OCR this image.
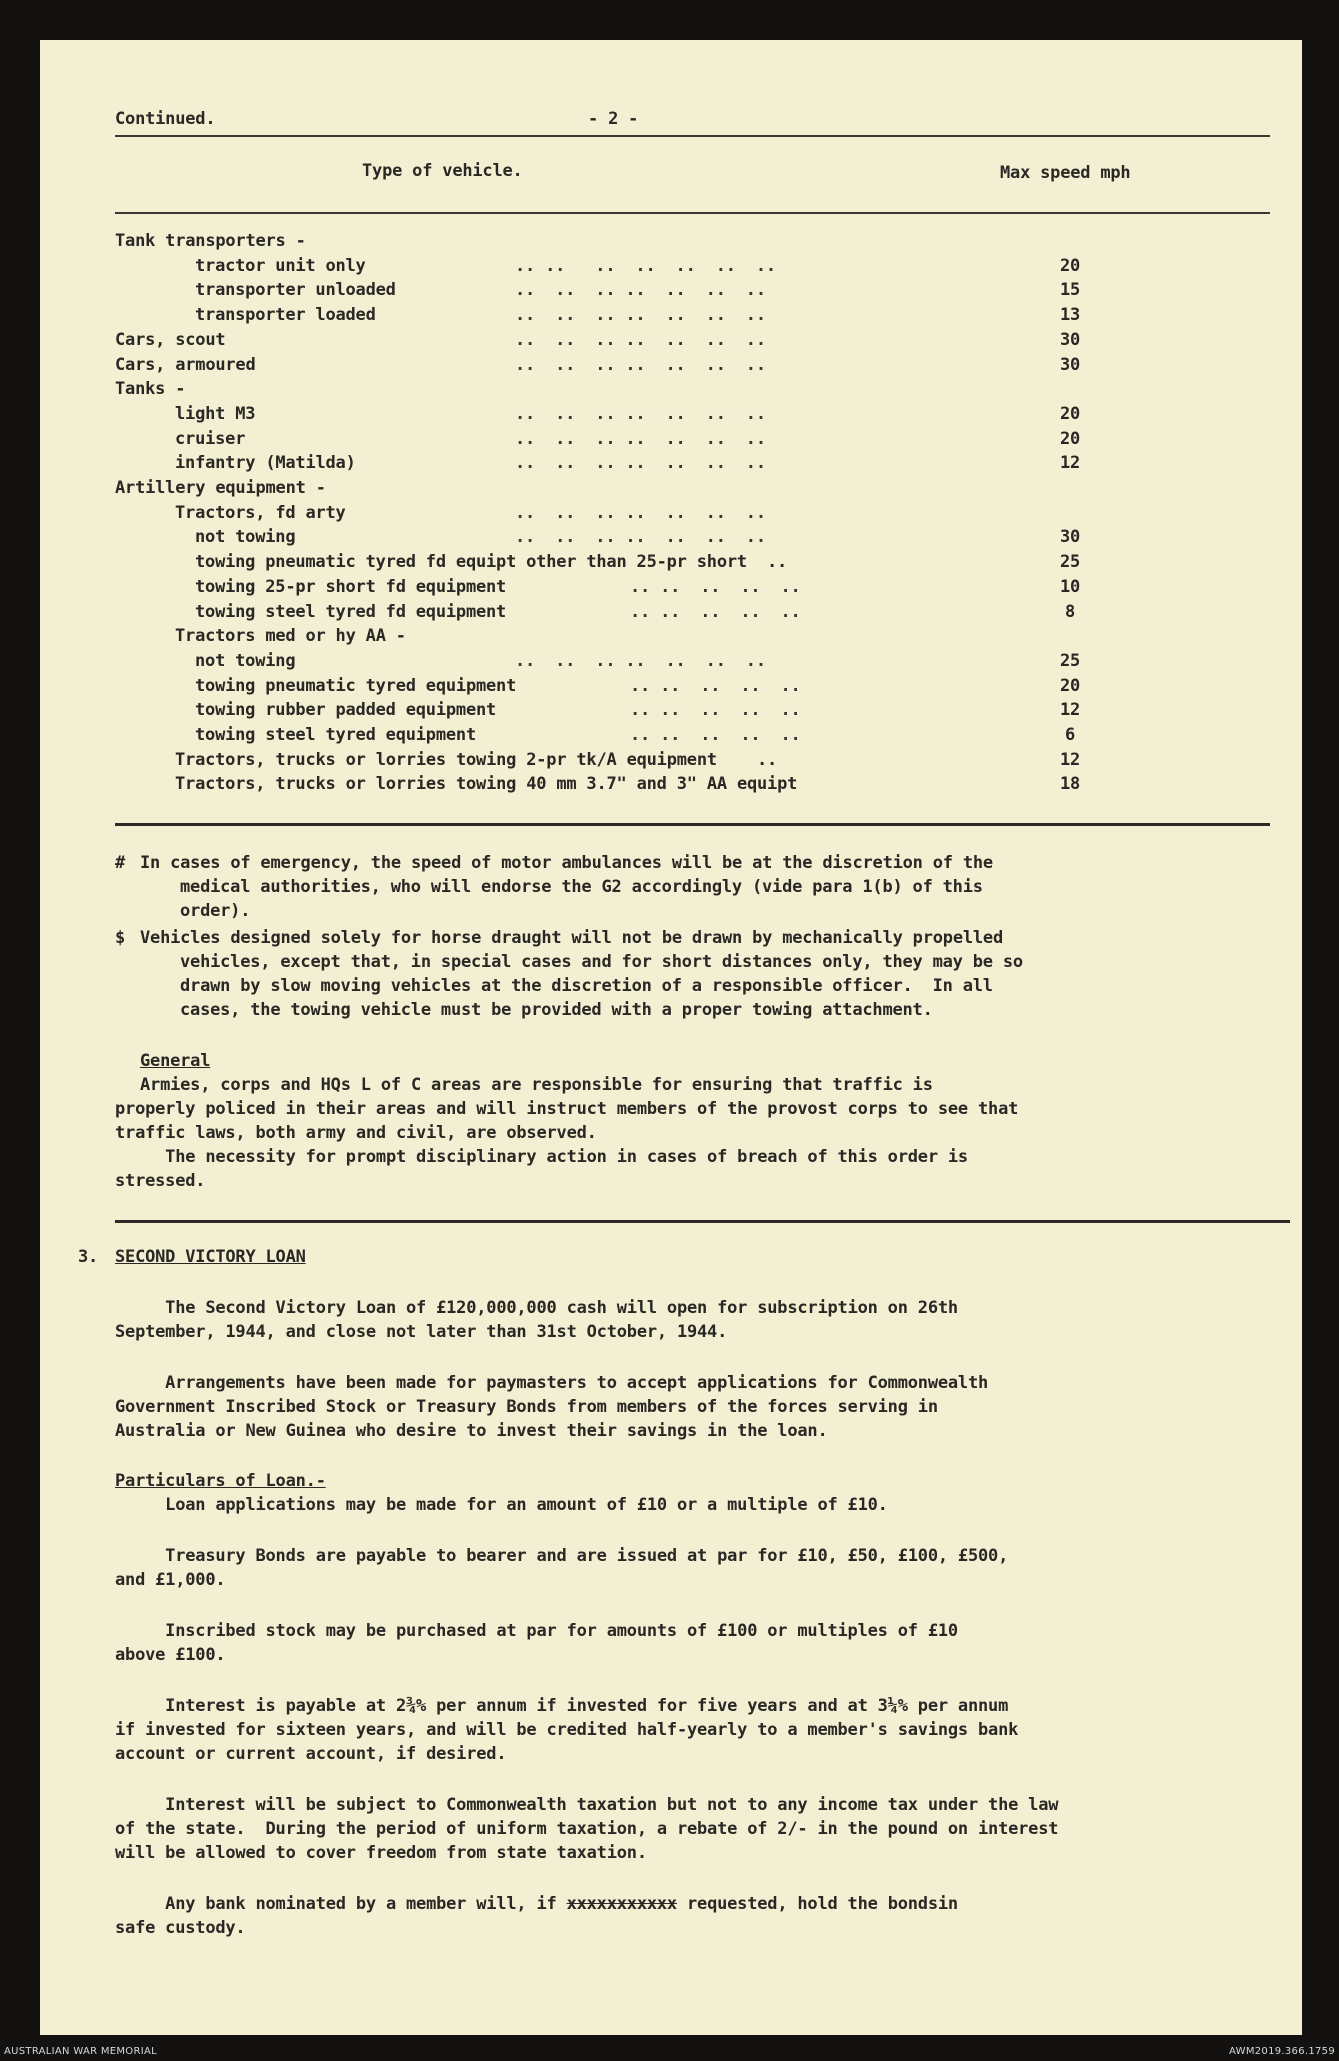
Continued.	- 2 -
Type of vehicle.	Max speed mph
Tank transporters -
tractor unit only	.. ..   ..  ..  ..  ..  ..	20
transporter unloaded	..  ..  .. ..  ..  ..  ..	15
transporter loaded	..  ..  .. ..  ..  ..  ..	13
Cars, scout	..  ..  .. ..  ..  ..  ..	30
Cars, armoured	..  ..  .. ..  ..  ..  ..	30
Tanks -
light M3	..  ..  .. ..  ..  ..  ..	20
cruiser	..  ..  .. ..  ..  ..  ..	20
infantry (Matilda)	..  ..  .. ..  ..  ..  ..	12
Artillery equipment -
Tractors, fd arty	..  ..  .. ..  ..  ..  ..
not towing	..  ..  .. ..  ..  ..  ..	30
towing pneumatic tyred fd equipt other than 25-pr short  ..	25
towing 25-pr short fd equipment	.. ..  ..  ..  ..	10
towing steel tyred fd equipment	.. ..  ..  ..  ..	8
Tractors med or hy AA -
not towing	..  ..  .. ..  ..  ..  ..	25
towing pneumatic tyred equipment	.. ..  ..  ..  ..	20
towing rubber padded equipment	.. ..  ..  ..  ..	12
towing steel tyred equipment	.. ..  ..  ..  ..	6
Tractors, trucks or lorries towing 2-pr tk/A equipment    ..	12
Tractors, trucks or lorries towing 40 mm 3.7" and 3" AA equipt	18
# In cases of emergency, the speed of motor ambulances will be at the discretion of the
medical authorities, who will endorse the G2 accordingly (vide para 1(b) of this
order).
$ Vehicles designed solely for horse draught will not be drawn by mechanically propelled
vehicles, except that, in special cases and for short distances only, they may be so
drawn by slow moving vehicles at the discretion of a responsible officer.  In all
cases, the towing vehicle must be provided with a proper towing attachment.
General
Armies, corps and HQs L of C areas are responsible for ensuring that traffic is
properly policed in their areas and will instruct members of the provost corps to see that
traffic laws, both army and civil, are observed.
The necessity for prompt disciplinary action in cases of breach of this order is
stressed.
3. SECOND VICTORY LOAN
The Second Victory Loan of £120,000,000 cash will open for subscription on 26th
September, 1944, and close not later than 31st October, 1944.
Arrangements have been made for paymasters to accept applications for Commonwealth
Government Inscribed Stock or Treasury Bonds from members of the forces serving in
Australia or New Guinea who desire to invest their savings in the loan.
Particulars of Loan.-
Loan applications may be made for an amount of £10 or a multiple of £10.
Treasury Bonds are payable to bearer and are issued at par for £10, £50, £100, £500,
and £1,000.
Inscribed stock may be purchased at par for amounts of £100 or multiples of £10
above £100.
Interest is payable at 2¾% per annum if invested for five years and at 3¼% per annum
if invested for sixteen years, and will be credited half-yearly to a member's savings bank
account or current account, if desired.
Interest will be subject to Commonwealth taxation but not to any income tax under the law
of the state.  During the period of uniform taxation, a rebate of 2/- in the pound on interest
will be allowed to cover freedom from state taxation.
Any bank nominated by a member will, if xxxxxxxxxxx requested, hold the bondsin
safe custody.
AUSTRALIAN WAR MEMORIAL	AWM2019.366.1759
